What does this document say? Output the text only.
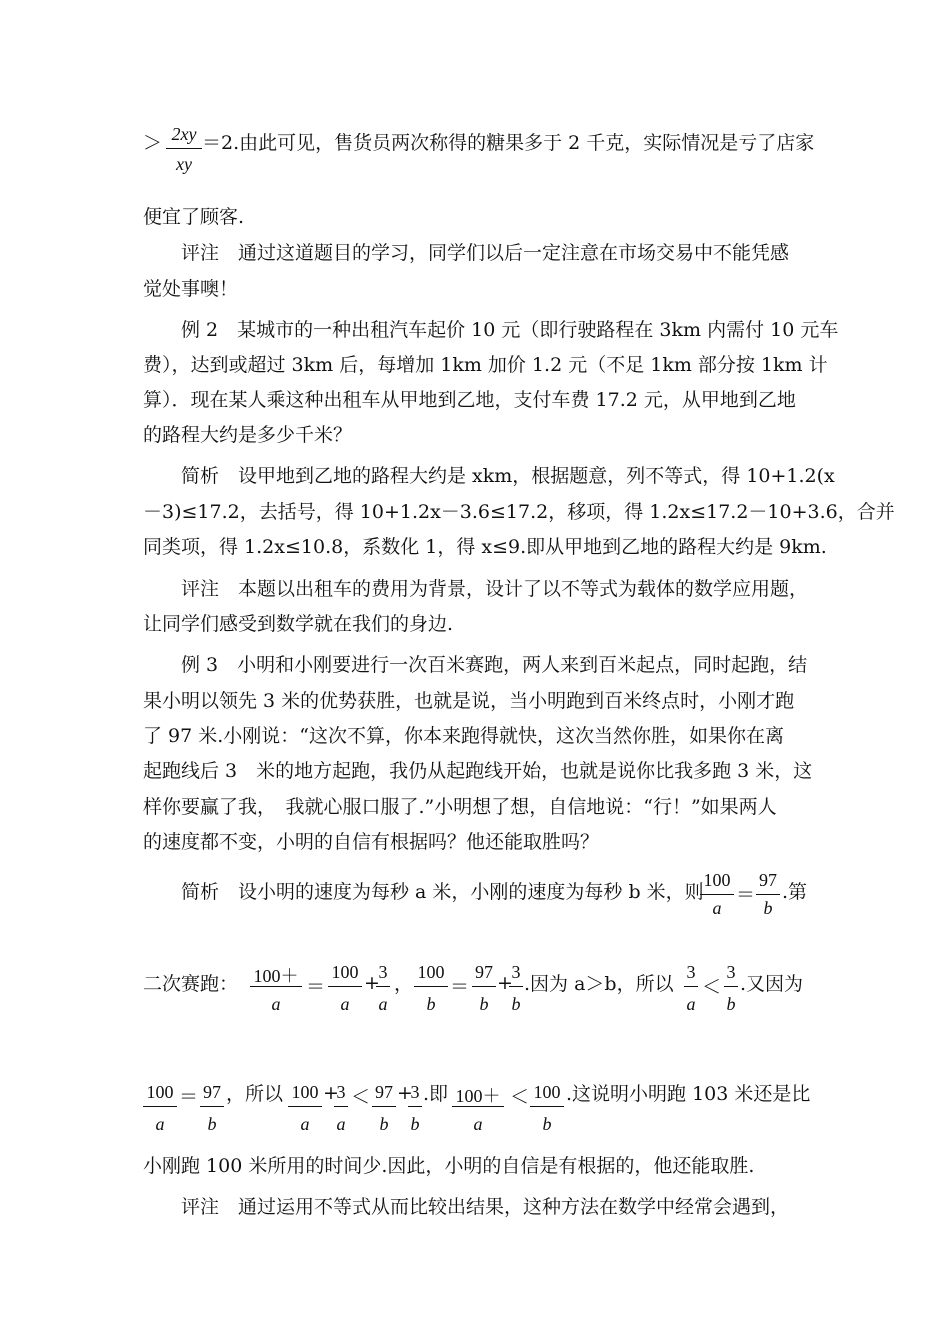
＞ 2xy
xy
＝2.由此可见，售货员两次称得的糖果多于 2 千克，实际情况是亏了店家
便宜了顾客.
　　评注　通过这道题目的学习，同学们以后一定注意在市场交易中不能凭感
觉处事噢！
　　例 2　某城市的一种出租汽车起价 10 元（即行驶路程在 3km 内需付 10 元车
费），达到或超过 3km 后，每增加 1km 加价 1.2 元（不足 1km 部分按 1km 计
算）．现在某人乘这种出租车从甲地到乙地，支付车费 17.2 元，从甲地到乙地
的路程大约是多少千米？
　　简析　设甲地到乙地的路程大约是 xkm，根据题意，列不等式，得 10+1.2(x
－3)≤17.2，去括号，得 10+1.2x－3.6≤17.2，移项，得 1.2x≤17.2－10+3.6，合并
同类项，得 1.2x≤10.8，系数化 1，得 x≤9.即从甲地到乙地的路程大约是 9km.
　　评注　本题以出租车的费用为背景，设计了以不等式为载体的数学应用题，
让同学们感受到数学就在我们的身边.
　　例 3　小明和小刚要进行一次百米赛跑，两人来到百米起点，同时起跑，结
果小明以领先 3 米的优势获胜，也就是说，当小明跑到百米终点时，小刚才跑
了 97 米.小刚说：“这次不算，你本来跑得就快，这次当然你胜，如果你在离
起跑线后 3　米的地方起跑，我仍从起跑线开始，也就是说你比我多跑 3 米，这
样你要赢了我，　我就心服口服了.”小明想了想，自信地说：“行！”如果两人
的速度都不变，小明的自信有根据吗？他还能取胜吗？
　　简析　设小明的速度为每秒 a 米，小刚的速度为每秒 b 米，则
100
a
＝
97
b
.第
二次赛跑： 100＋
a
＝
100
a
+
3
a
，
100
b
＝
97
b
+
3
b
.因为 a＞b，所以
3
a
＜
3
b
.又因为
100
a
＝ 97
b
，所以 100
a
+
3
a
＜ 97
b
+
3
b
.即 100＋
a
＜ 100
b
.这说明小明跑 103 米还是比
小刚跑 100 米所用的时间少.因此，小明的自信是有根据的，他还能取胜.
　　评注　通过运用不等式从而比较出结果，这种方法在数学中经常会遇到，
